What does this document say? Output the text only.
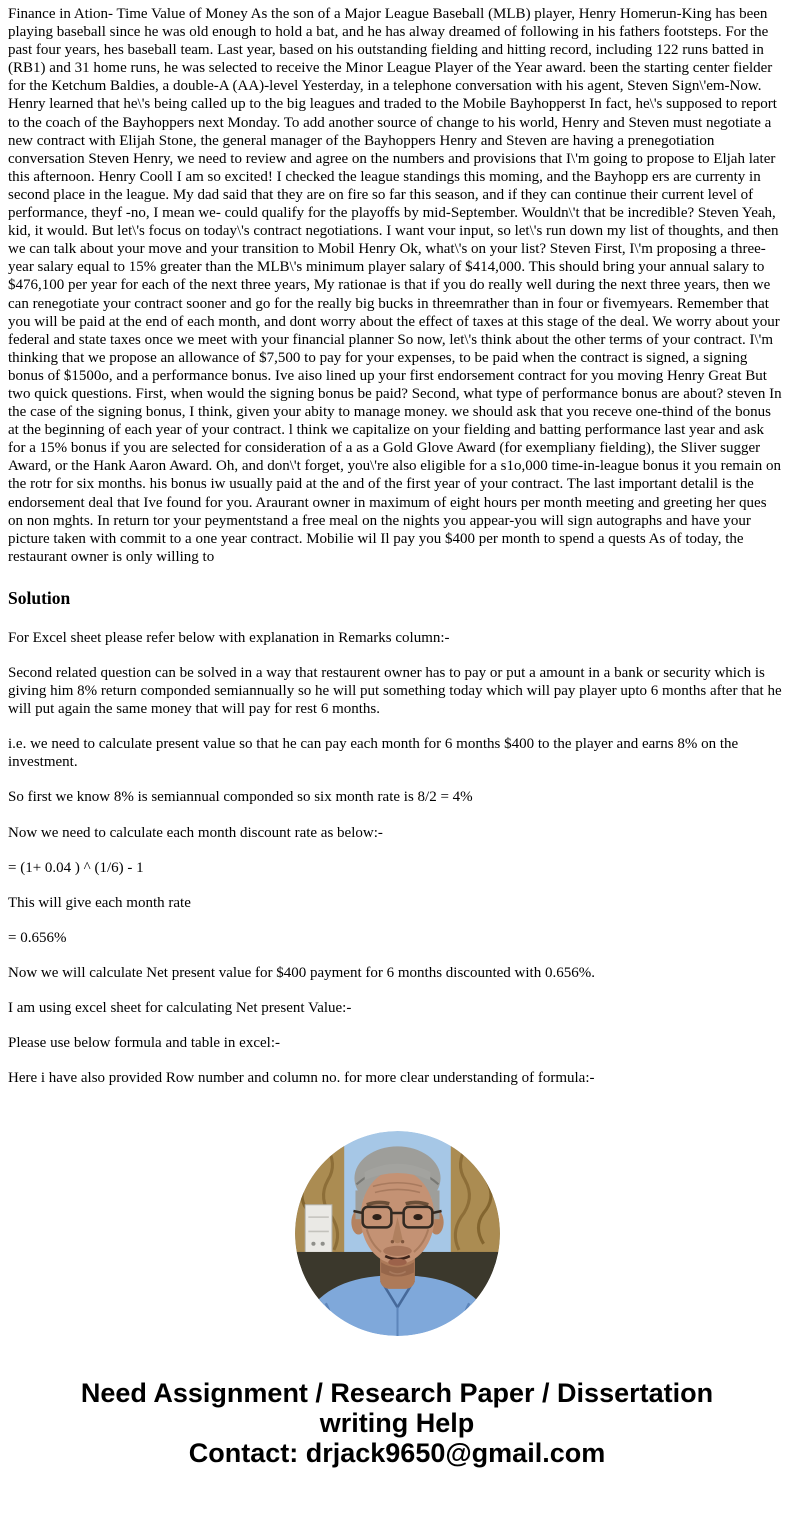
Finance in Ation- Time Value of Money As the son of a Major League Baseball (MLB) player, Henry Homerun-King has been playing baseball since he was old enough to hold a bat, and he has alway dreamed of following in his fathers footsteps. For the past four years, hes baseball team. Last year, based on his outstanding fielding and hitting record, including 122 runs batted in (RB1) and 31 home runs, he was selected to receive the Minor League Player of the Year award. been the starting center fielder for the Ketchum Baldies, a double-A (AA)-level Yesterday, in a telephone conversation with his agent, Steven Sign\'em-Now. Henry learned that he\'s being called up to the big leagues and traded to the Mobile Bayhopperst In fact, he\'s supposed to report to the coach of the Bayhoppers next Monday. To add another source of change to his world, Henry and Steven must negotiate a new contract with Elijah Stone, the general manager of the Bayhoppers Henry and Steven are having a prenegotiation conversation Steven Henry, we need to review and agree on the numbers and provisions that I\'m going to propose to Eljah later this afternoon. Henry Cooll I am so excited! I checked the league standings this moming, and the Bayhopp ers are currenty in second place in the league. My dad said that they are on fire so far this season, and if they can continue their current level of performance, theyf -no, I mean we- could qualify for the playoffs by mid-September. Wouldn\'t that be incredible? Steven Yeah, kid, it would. But let\'s focus on today\'s contract negotiations. I want vour input, so let\'s run down my list of thoughts, and then we can talk about your move and your transition to Mobil Henry Ok, what\'s on your list? Steven First, I\'m proposing a three-year salary equal to 15% greater than the MLB\'s minimum player salary of $414,000. This should bring your annual salary to $476,100 per year for each of the next three years, My rationae is that if you do really well during the next three years, then we can renegotiate your contract sooner and go for the really big bucks in threemrather than in four or fivemyears. Remember that you will be paid at the end of each month, and dont worry about the effect of taxes at this stage of the deal. We worry about your federal and state taxes once we meet with your financial planner So now, let\'s think about the other terms of your contract. I\'m thinking that we propose an allowance of $7,500 to pay for your expenses, to be paid when the contract is signed, a signing bonus of $1500o, and a performance bonus. Ive aiso lined up your first endorsement contract for you moving Henry Great But two quick questions. First, when would the signing bonus be paid? Second, what type of performance bonus are about? steven In the case of the signing bonus, I think, given your abity to manage money. we should ask that you receve one-thind of the bonus at the beginning of each year of your contract. l think we capitalize on your fielding and batting performance last year and ask for a 15% bonus if you are selected for consideration of a as a Gold Glove Award (for exempliany fielding), the Sliver sugger Award, or the Hank Aaron Award. Oh, and don\'t forget, you\'re also eligible for a s1o,000 time-in-league bonus it you remain on the rotr for six months. his bonus iw usually paid at the and of the first year of your contract. The last important detalil is the endorsement deal that Ive found for you. Araurant owner in maximum of eight hours per month meeting and greeting her ques on non mghts. In return tor your peymentstand a free meal on the nights you appear-you will sign autographs and have your picture taken with commit to a one year contract. Mobilie wil Il pay you $400 per month to spend a quests As of today, the restaurant owner is only willing to

Solution

For Excel sheet please refer below with explanation in Remarks column:-

Second related question can be solved in a way that restaurent owner has to pay or put a amount in a bank or security which is giving him 8% return componded semiannually so he will put something today which will pay player upto 6 months after that he will put again the same money that will pay for rest 6 months.

i.e. we need to calculate present value so that he can pay each month for 6 months $400 to the player and earns 8% on the investment.

So first we know 8% is semiannual componded so six month rate is 8/2 = 4%

Now we need to calculate each month discount rate as below:-

= (1+ 0.04 ) ^ (1/6) - 1

This will give each month rate

= 0.656%

Now we will calculate Net present value for $400 payment for 6 months discounted with 0.656%.

I am using excel sheet for calculating Net present Value:-

Please use below formula and table in excel:-

Here i have also provided Row number and column no. for more clear understanding of formula:-

Need Assignment / Research Paper / Dissertation
writing Help
Contact: drjack9650@gmail.com
